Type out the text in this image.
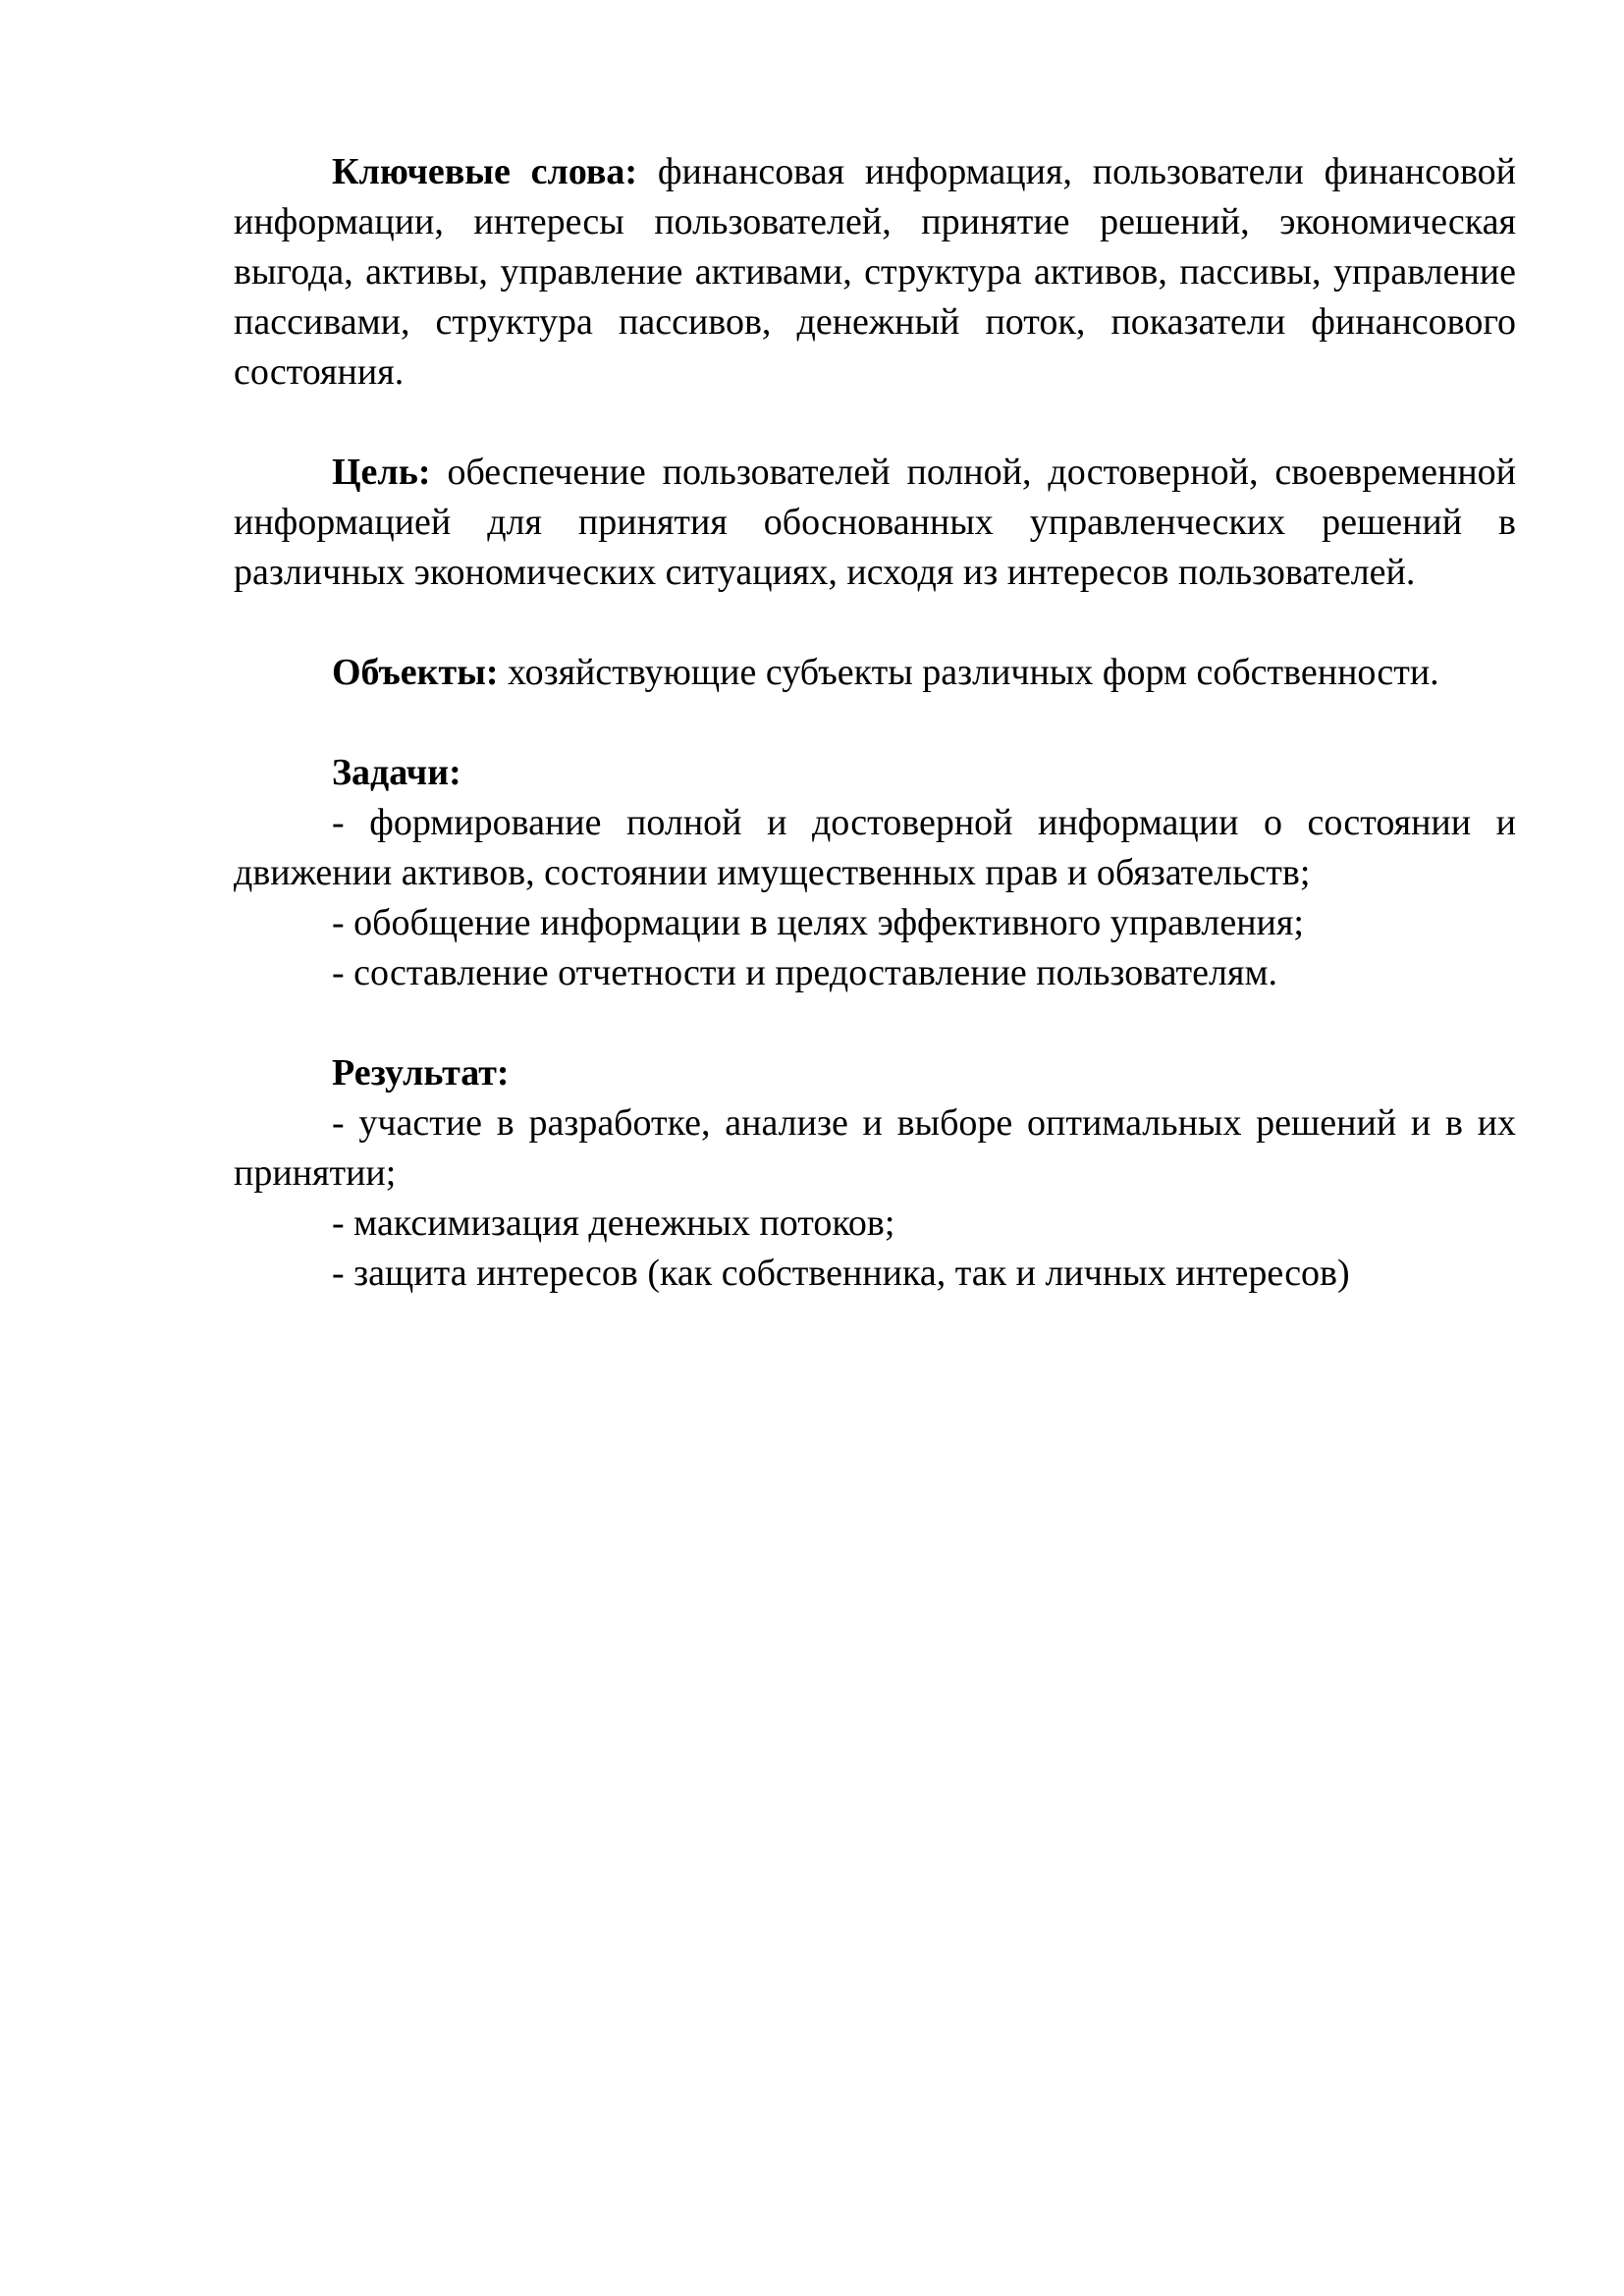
Ключевые слова: финансовая информация, пользователи финансовой информации, интересы пользователей, принятие решений, экономическая выгода, активы, управление активами, структура активов, пассивы, управление пассивами, структура пассивов, денежный поток, показатели финансового состояния.

Цель: обеспечение пользователей полной, достоверной, своевременной информацией для принятия обоснованных управленческих решений в различных экономических ситуациях, исходя из интересов пользователей.

Объекты: хозяйствующие субъекты различных форм собственности.

Задачи:

- формирование полной и достоверной информации о состоянии и движении активов, состоянии имущественных прав и обязательств;

- обобщение информации в целях эффективного управления;

- составление отчетности и предоставление пользователям.

Результат:

- участие в разработке, анализе и выборе оптимальных решений и в их принятии;

- максимизация денежных потоков;

- защита интересов (как собственника, так и личных интересов)
